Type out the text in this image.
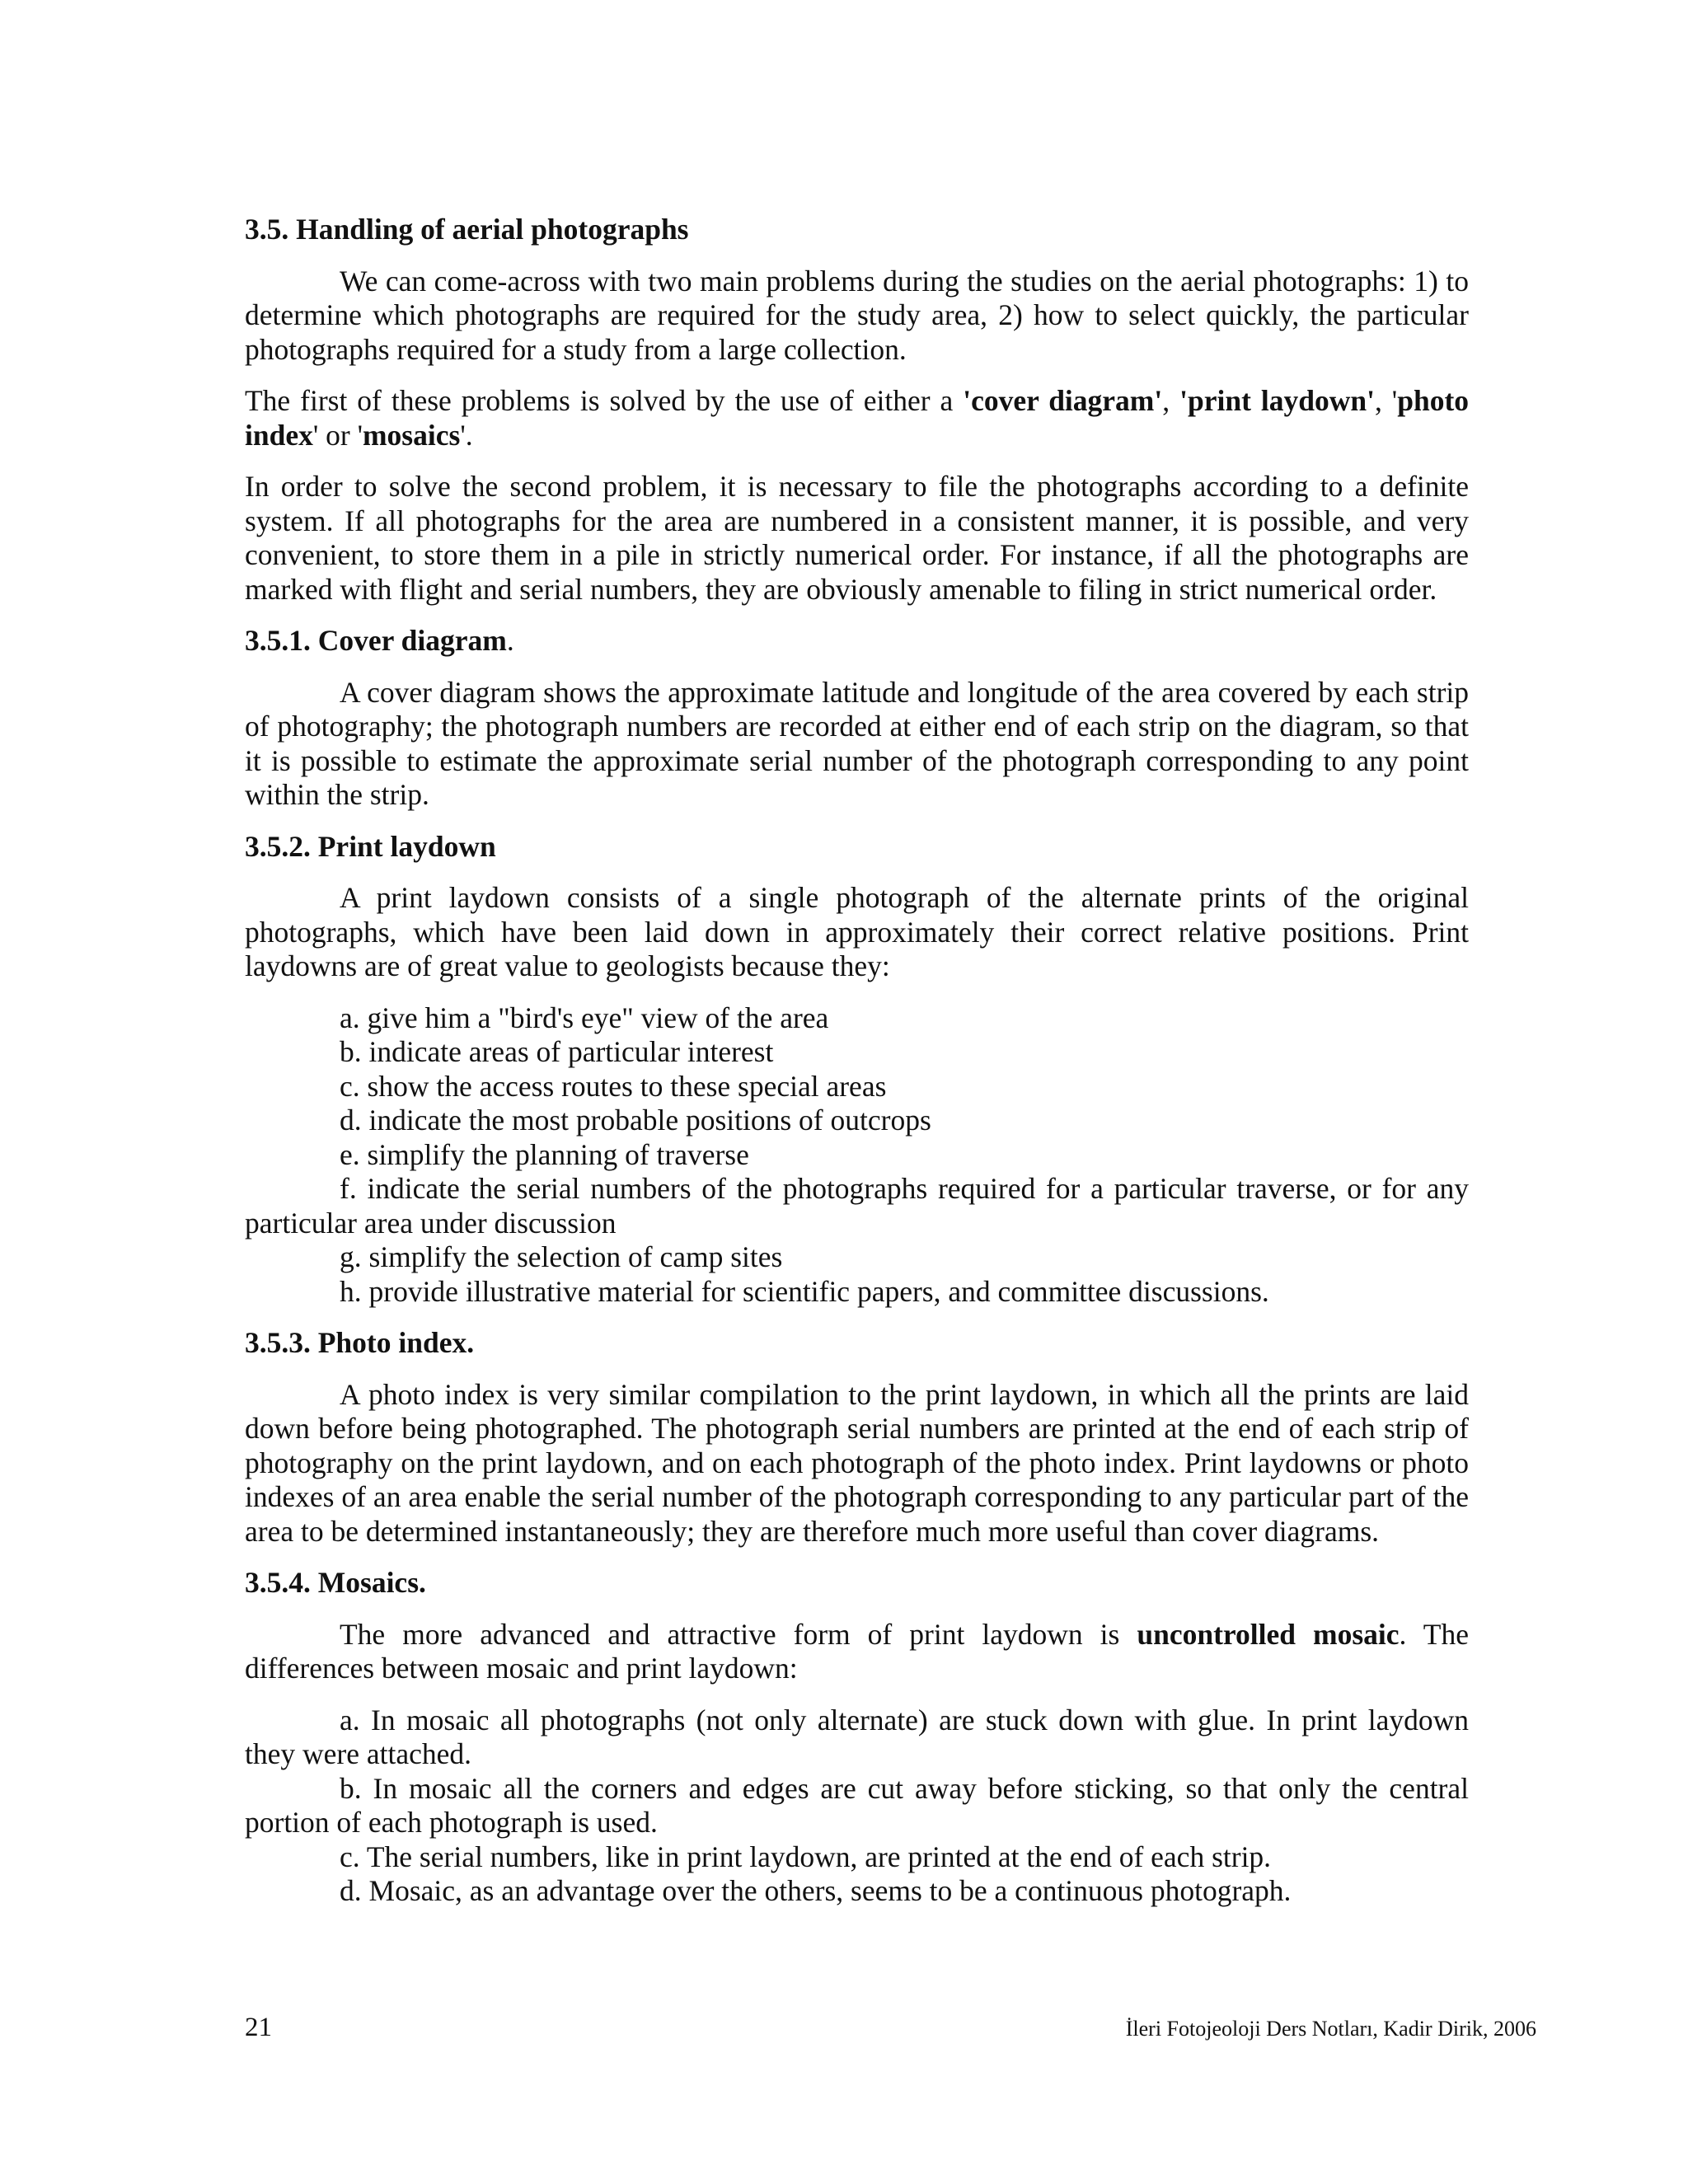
3.5. Handling of aerial photographs

We can come-across with two main problems during the studies on the aerial photographs: 1) to determine which photographs are required for the study area, 2) how to select quickly, the particular photographs required for a study from a large collection.

The first of these problems is solved by the use of either a 'cover diagram', 'print laydown', 'photo index' or 'mosaics'.

In order to solve the second problem, it is necessary to file the photographs according to a definite system. If all photographs for the area are numbered in a consistent manner, it is possible, and very convenient, to store them in a pile in strictly numerical order. For instance, if all the photographs are marked with flight and serial numbers, they are obviously amenable to filing in strict numerical order.

3.5.1. Cover diagram.

A cover diagram shows the approximate latitude and longitude of the area covered by each strip of photography; the photograph numbers are recorded at either end of each strip on the diagram, so that it is possible to estimate the approximate serial number of the photograph corresponding to any point within the strip.

3.5.2. Print laydown

A print laydown consists of a single photograph of the alternate prints of the original photographs, which have been laid down in approximately their correct relative positions. Print laydowns are of great value to geologists because they:

a. give him a "bird's eye" view of the area
b. indicate areas of particular interest
c. show the access routes to these special areas
d. indicate the most probable positions of outcrops
e. simplify the planning of traverse
f. indicate the serial numbers of the photographs required for a particular traverse, or for any particular area under discussion
g. simplify the selection of camp sites
h. provide illustrative material for scientific papers, and committee discussions.
3.5.3. Photo index.

A photo index is very similar compilation to the print laydown, in which all the prints are laid down before being photographed. The photograph serial numbers are printed at the end of each strip of photography on the print laydown, and on each photograph of the photo index. Print laydowns or photo indexes of an area enable the serial number of the photograph corresponding to any particular part of the area to be determined instantaneously; they are therefore much more useful than cover diagrams.

3.5.4. Mosaics.

The more advanced and attractive form of print laydown is uncontrolled mosaic. The differences between mosaic and print laydown:

a. In mosaic all photographs (not only alternate) are stuck down with glue. In print laydown they were attached.
b. In mosaic all the corners and edges are cut away before sticking, so that only the central portion of each photograph is used.
c. The serial numbers, like in print laydown, are printed at the end of each strip.
d. Mosaic, as an advantage over the others, seems to be a continuous photograph.
21	İleri Fotojeoloji Ders Notları, Kadir Dirik, 2006
